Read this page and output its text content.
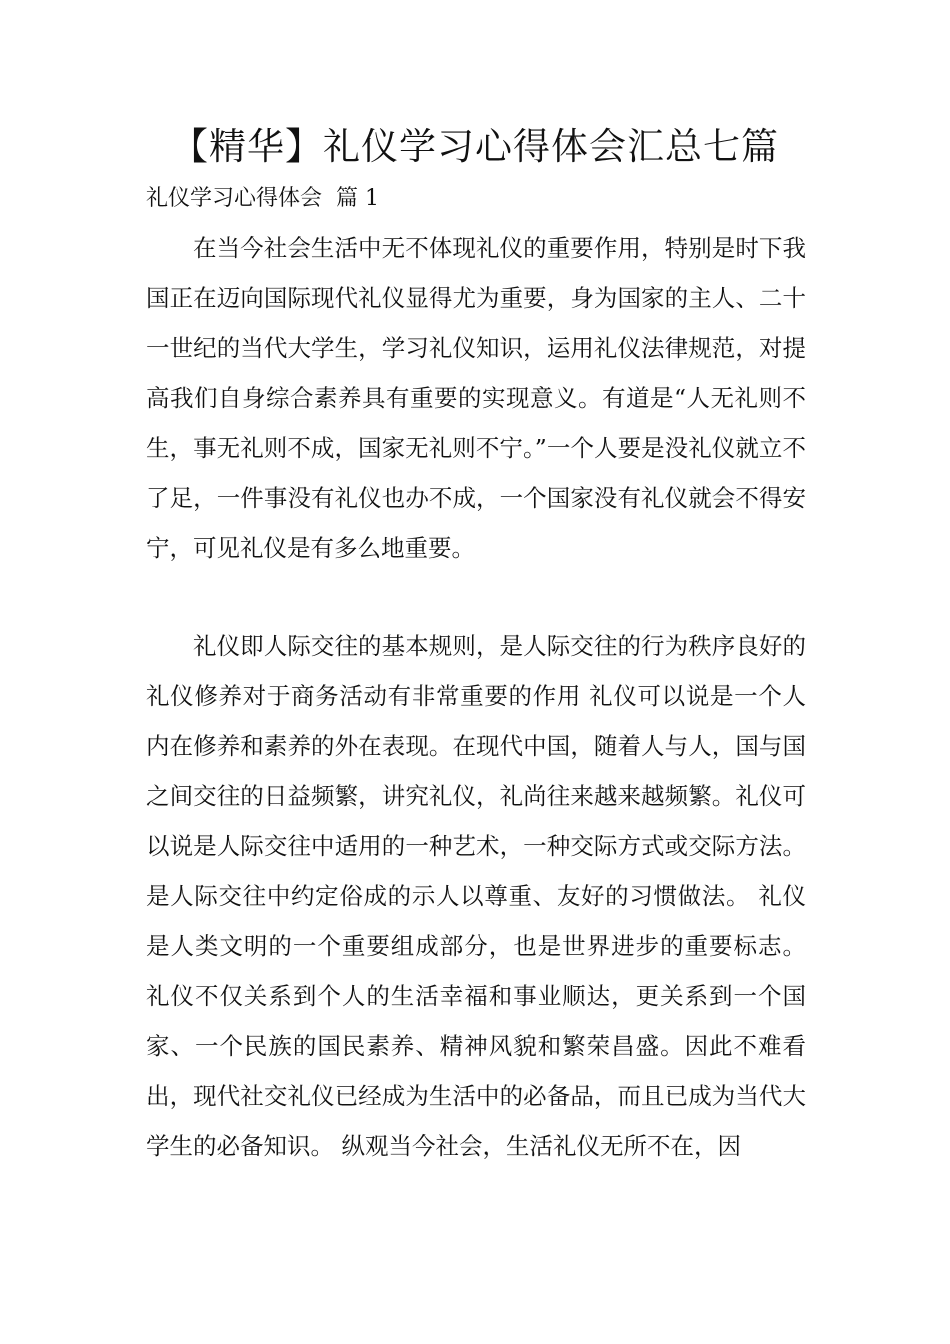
【精华】礼仪学习心得体会汇总七篇

礼仪学习心得体会  篇 1

在当今社会生活中无不体现礼仪的重要作用，特别是时下我国正在迈向国际现代礼仪显得尤为重要，身为国家的主人、二十一世纪的当代大学生，学习礼仪知识，运用礼仪法律规范，对提高我们自身综合素养具有重要的实现意义。有道是“人无礼则不生，事无礼则不成，国家无礼则不宁。”一个人要是没礼仪就立不了足，一件事没有礼仪也办不成，一个国家没有礼仪就会不得安宁，可见礼仪是有多么地重要。

礼仪即人际交往的基本规则，是人际交往的行为秩序良好的礼仪修养对于商务活动有非常重要的作用 礼仪可以说是一个人内在修养和素养的外在表现。在现代中国，随着人与人，国与国之间交往的日益频繁，讲究礼仪，礼尚往来越来越频繁。礼仪可以说是人际交往中适用的一种艺术，一种交际方式或交际方法。是人际交往中约定俗成的示人以尊重、友好的习惯做法。 礼仪是人类文明的一个重要组成部分，也是世界进步的重要标志。 礼仪不仅关系到个人的生活幸福和事业顺达，更关系到一个国家、一个民族的国民素养、精神风貌和繁荣昌盛。因此不难看出，现代社交礼仪已经成为生活中的必备品，而且已成为当代大学生的必备知识。 纵观当今社会，生活礼仪无所不在，因
